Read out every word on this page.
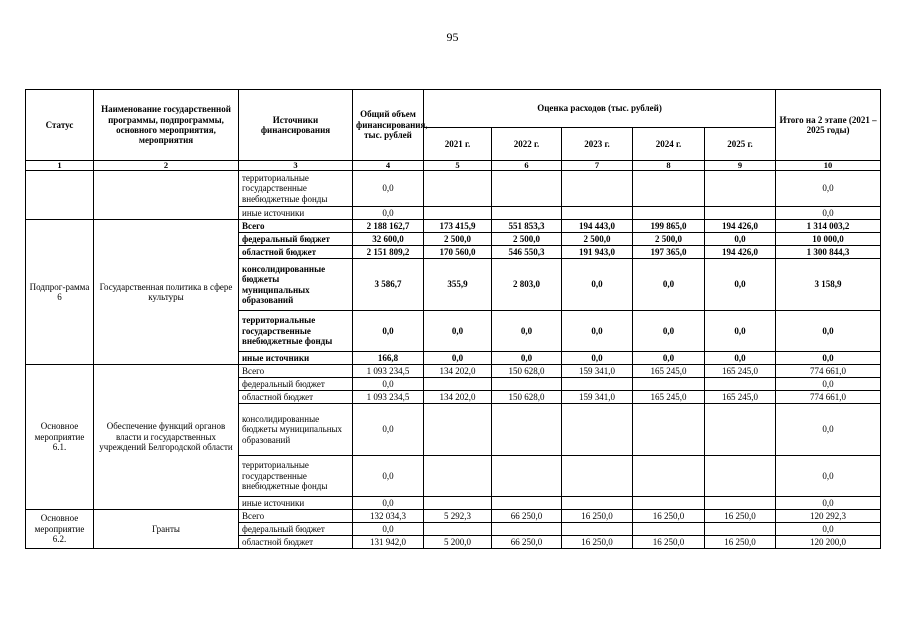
95
Статус	Наименование государственной программы, подпрограммы, основного мероприятия, мероприятия	Источники финансирования	Общий объем финансирования, тыс. рублей	Оценка расходов (тыс. рублей)					Итого на 2 этапе (2021 – 2025 годы)
				2021 г.	2022 г.	2023 г.	2024 г.	2025 г.	
1	2	3	4	5	6	7	8	9	10
		территориальные государственные внебюджетные фонды	0,0						0,0
		иные источники	0,0						0,0
Подпрог-рамма 6	Государственная политика в сфере культуры	Всего	2 188 162,7	173 415,9	551 853,3	194 443,0	199 865,0	194 426,0	1 314 003,2
		федеральный бюджет	32 600,0	2 500,0	2 500,0	2 500,0	2 500,0	0,0	10 000,0
		областной бюджет	2 151 809,2	170 560,0	546 550,3	191 943,0	197 365,0	194 426,0	1 300 844,3
		консолидированные бюджеты муниципальных образований	3 586,7	355,9	2 803,0	0,0	0,0	0,0	3 158,9
		территориальные государственные внебюджетные фонды	0,0	0,0	0,0	0,0	0,0	0,0	0,0
		иные источники	166,8	0,0	0,0	0,0	0,0	0,0	0,0
Основное мероприятие 6.1.	Обеспечение функций органов власти и государственных учреждений Белгородской области	Всего	1 093 234,5	134 202,0	150 628,0	159 341,0	165 245,0	165 245,0	774 661,0
		федеральный бюджет	0,0						0,0
		областной бюджет	1 093 234,5	134 202,0	150 628,0	159 341,0	165 245,0	165 245,0	774 661,0
		консолидированные бюджеты муниципальных образований	0,0						0,0
		территориальные государственные внебюджетные фонды	0,0						0,0
		иные источники	0,0						0,0
Основное мероприятие 6.2.	Гранты	Всего	132 034,3	5 292,3	66 250,0	16 250,0	16 250,0	16 250,0	120 292,3
		федеральный бюджет	0,0						0,0
		областной бюджет	131 942,0	5 200,0	66 250,0	16 250,0	16 250,0	16 250,0	120 200,0
